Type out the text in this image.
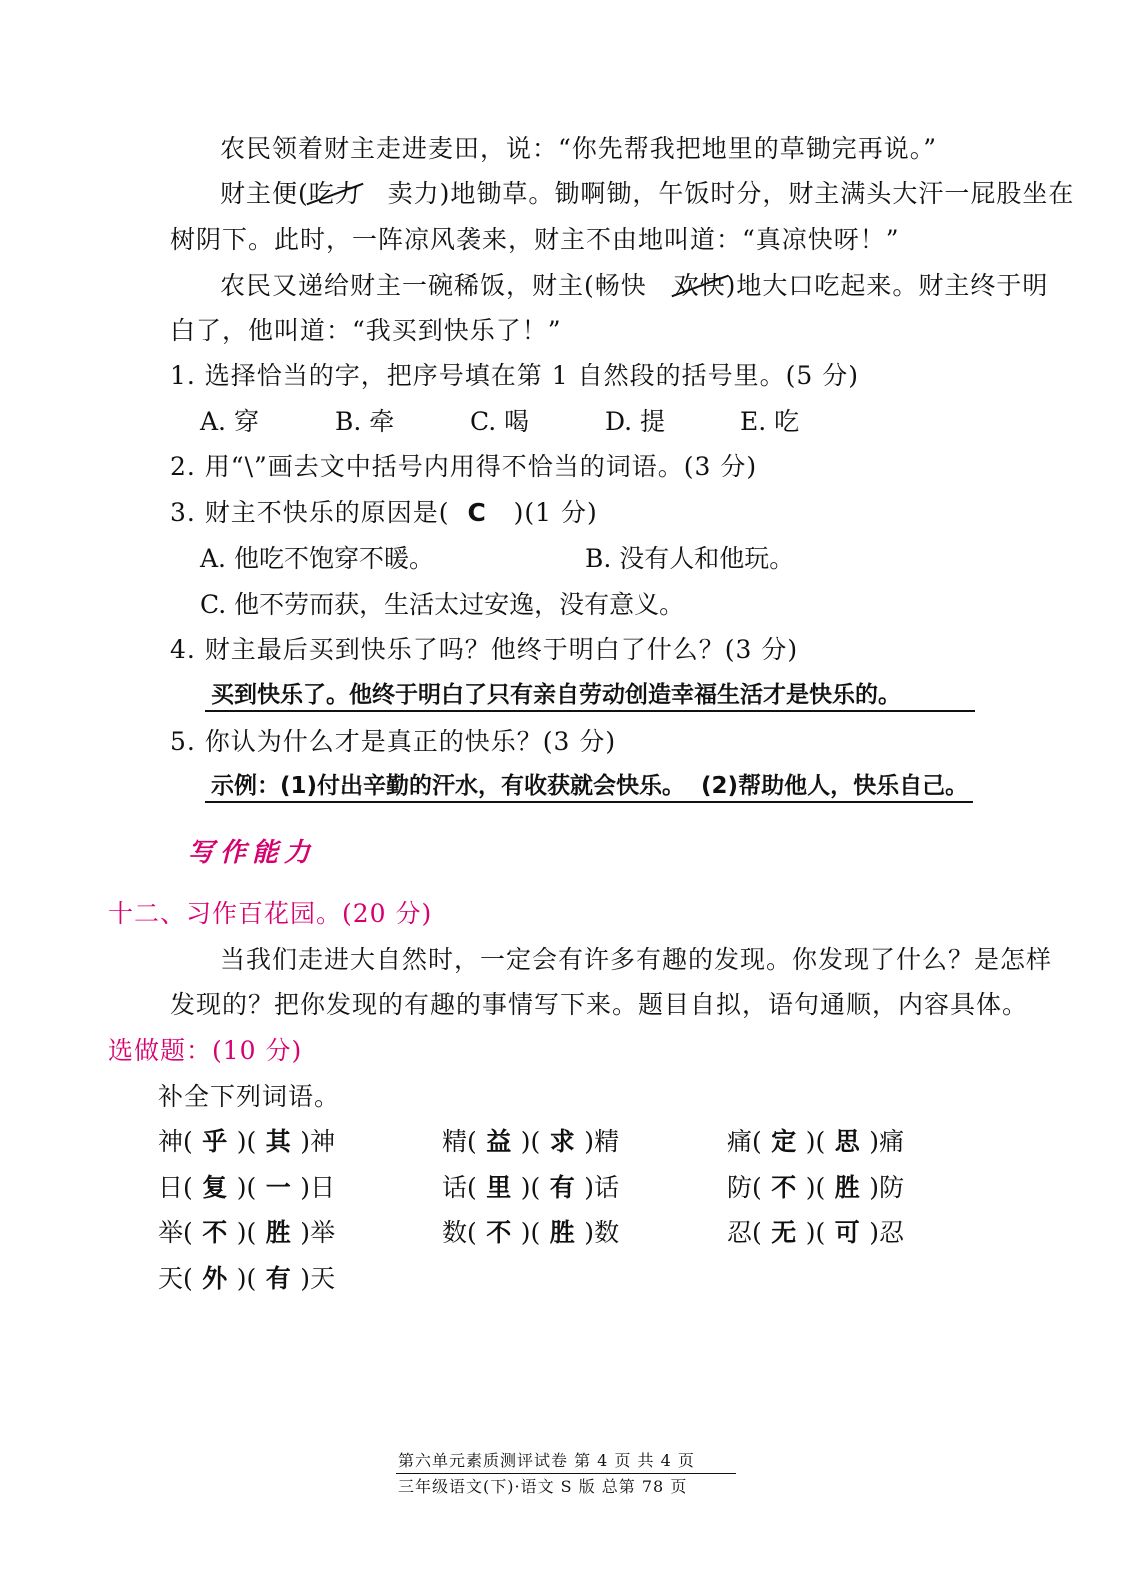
农民领着财主走进麦田，说：“你先帮我把地里的草锄完再说。”
财主便(吃力 卖力)地锄草。锄啊锄，午饭时分，财主满头大汗一屁股坐在
树阴下。此时，一阵凉风袭来，财主不由地叫道：“真凉快呀！”
农民又递给财主一碗稀饭，财主(畅快 欢快)地大口吃起来。财主终于明
白了，他叫道：“我买到快乐了！”
1. 选择恰当的字，把序号填在第 1 自然段的括号里。(5 分)
A. 穿	B. 牵	C. 喝	D. 提	E. 吃
2. 用“\”画去文中括号内用得不恰当的词语。(3 分)
3. 财主不快乐的原因是( C )(1 分)
A. 他吃不饱穿不暖。	B. 没有人和他玩。
C. 他不劳而获，生活太过安逸，没有意义。
4. 财主最后买到快乐了吗？他终于明白了什么？(3 分)
买到快乐了。他终于明白了只有亲自劳动创造幸福生活才是快乐的。
5. 你认为什么才是真正的快乐？(3 分)
示例：(1)付出辛勤的汗水，有收获就会快乐。  (2)帮助他人，快乐自己。
写作能力
十二、习作百花园。(20 分)
当我们走进大自然时，一定会有许多有趣的发现。你发现了什么？是怎样
发现的？把你发现的有趣的事情写下来。题目自拟，语句通顺，内容具体。
选做题：(10 分)
补全下列词语。
神( 乎 )( 其 )神	精( 益 )( 求 )精	痛( 定 )( 思 )痛
日( 复 )( 一 )日	话( 里 )( 有 )话	防( 不 )( 胜 )防
举( 不 )( 胜 )举	数( 不 )( 胜 )数	忍( 无 )( 可 )忍
天( 外 )( 有 )天
第六单元素质测评试卷 第 4 页 共 4 页
三年级语文(下)·语文 S 版 总第 78 页
